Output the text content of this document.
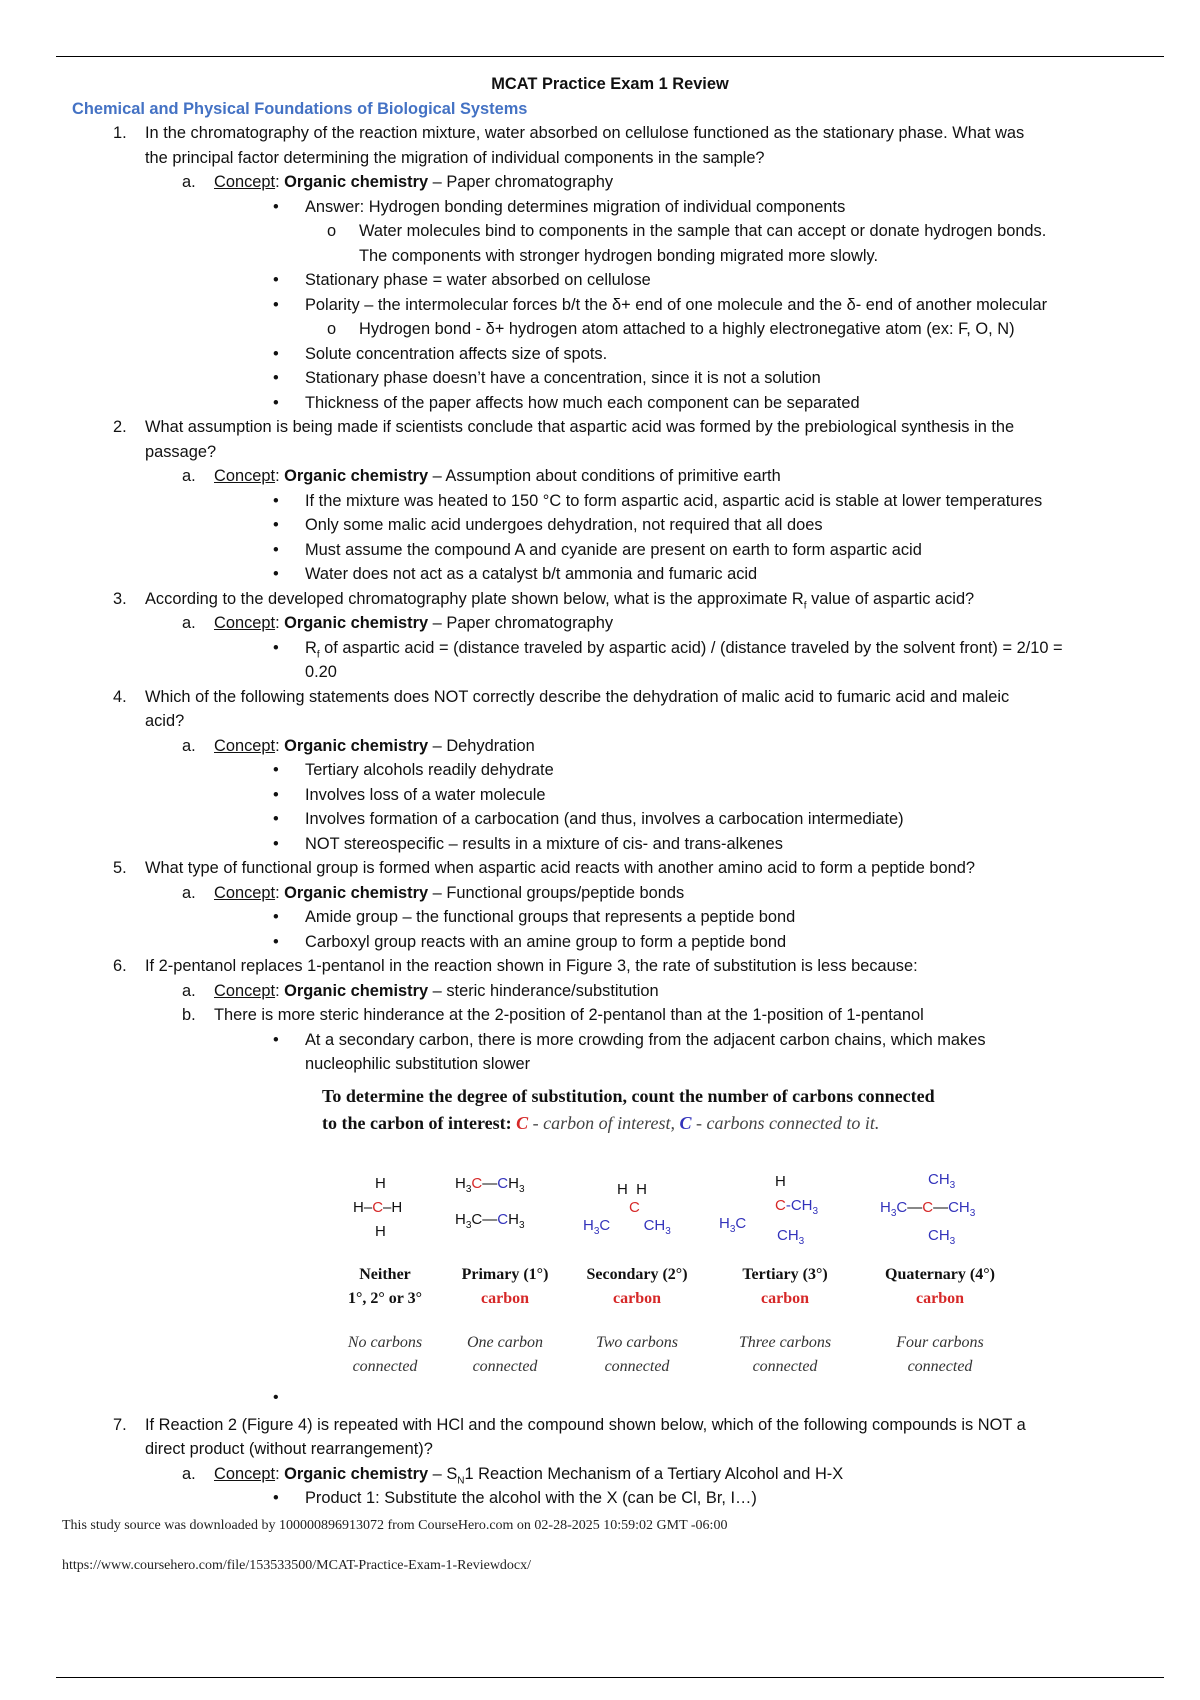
MCAT Practice Exam 1 Review
Chemical and Physical Foundations of Biological Systems
1. In the chromatography of the reaction mixture, water absorbed on cellulose functioned as the stationary phase. What was
the principal factor determining the migration of individual components in the sample?
a. Concept: Organic chemistry – Paper chromatography
• Answer: Hydrogen bonding determines migration of individual components
o Water molecules bind to components in the sample that can accept or donate hydrogen bonds.
The components with stronger hydrogen bonding migrated more slowly.
• Stationary phase = water absorbed on cellulose
• Polarity – the intermolecular forces b/t the δ+ end of one molecule and the δ- end of another molecular
o Hydrogen bond - δ+ hydrogen atom attached to a highly electronegative atom (ex: F, O, N)
• Solute concentration affects size of spots.
• Stationary phase doesn’t have a concentration, since it is not a solution
• Thickness of the paper affects how much each component can be separated
2. What assumption is being made if scientists conclude that aspartic acid was formed by the prebiological synthesis in the
passage?
a. Concept: Organic chemistry – Assumption about conditions of primitive earth
• If the mixture was heated to 150 °C to form aspartic acid, aspartic acid is stable at lower temperatures
• Only some malic acid undergoes dehydration, not required that all does
• Must assume the compound A and cyanide are present on earth to form aspartic acid
• Water does not act as a catalyst b/t ammonia and fumaric acid
3. According to the developed chromatography plate shown below, what is the approximate $R_f$ value of aspartic acid?
a. Concept: Organic chemistry – Paper chromatography
• $R_f$ of aspartic acid = (distance traveled by aspartic acid) / (distance traveled by the solvent front) = 2/10 =
0.20
4. Which of the following statements does NOT correctly describe the dehydration of malic acid to fumaric acid and maleic
acid?
a. Concept: Organic chemistry – Dehydration
• Tertiary alcohols readily dehydrate
• Involves loss of a water molecule
• Involves formation of a carbocation (and thus, involves a carbocation intermediate)
• NOT stereospecific – results in a mixture of cis- and trans-alkenes
5. What type of functional group is formed when aspartic acid reacts with another amino acid to form a peptide bond?
a. Concept: Organic chemistry – Functional groups/peptide bonds
• Amide group – the functional groups that represents a peptide bond
• Carboxyl group reacts with an amine group to form a peptide bond
6. If 2-pentanol replaces 1-pentanol in the reaction shown in Figure 3, the rate of substitution is less because:
a. Concept: Organic chemistry – steric hinderance/substitution
b. There is more steric hinderance at the 2-position of 2-pentanol than at the 1-position of 1-pentanol
• At a secondary carbon, there is more crowding from the adjacent carbon chains, which makes
nucleophilic substitution slower
•
To determine the degree of substitution, count the number of carbons connected
to the carbon of interest: C - carbon of interest, C - carbons connected to it.
H
H–C–H
H
Neither
1°, 2° or 3°
No carbons
connected
$H_3C—CH_3$
$H_3C—CH_3$
Primary (1°)
carbon
One carbon
connected
H  H
C
$H_3C$ $CH_3$
Secondary (2°)
carbon
Two carbons
connected
H
$C-CH_3$
$H_3C$
$CH_3$
Tertiary (3°)
carbon
Three carbons
connected
$CH_3$
$H_3C—C—CH_3$
$CH_3$
Quaternary (4°)
carbon
Four carbons
connected
7. If Reaction 2 (Figure 4) is repeated with HCl and the compound shown below, which of the following compounds is NOT a
direct product (without rearrangement)?
a. Concept: Organic chemistry – $S_N1$ Reaction Mechanism of a Tertiary Alcohol and H-X
• Product 1: Substitute the alcohol with the X (can be Cl, Br, I…)
This study source was downloaded by 100000896913072 from CourseHero.com on 02-28-2025 10:59:02 GMT -06:00
https://www.coursehero.com/file/153533500/MCAT-Practice-Exam-1-Reviewdocx/
